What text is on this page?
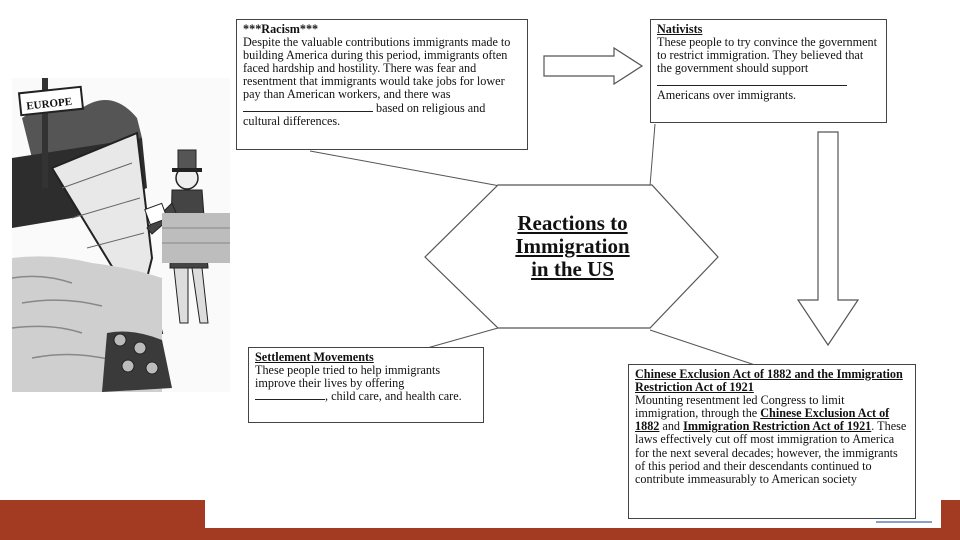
EUROPE
Reactions to
Immigration
in the US
***Racism***
Despite the valuable contributions immigrants made to building America during this period, immigrants often faced hardship and hostility. There was fear and resentment that immigrants would take jobs for lower pay than American workers, and there was  based on religious and cultural differences.
Nativists
These people to try convince the government to restrict immigration. They believed that the government should support  Americans over immigrants.
Settlement Movements
These people tried to help immigrants improve their lives by offering , child care, and health care.
Chinese Exclusion Act of 1882 and the Immigration Restriction Act of 1921
Mounting resentment led Congress to limit immigration, through the Chinese Exclusion Act of 1882 and Immigration Restriction Act of 1921. These laws effectively cut off most immigration to America for the next several decades; however, the immigrants of this period and their descendants continued to contribute immeasurably to American society
